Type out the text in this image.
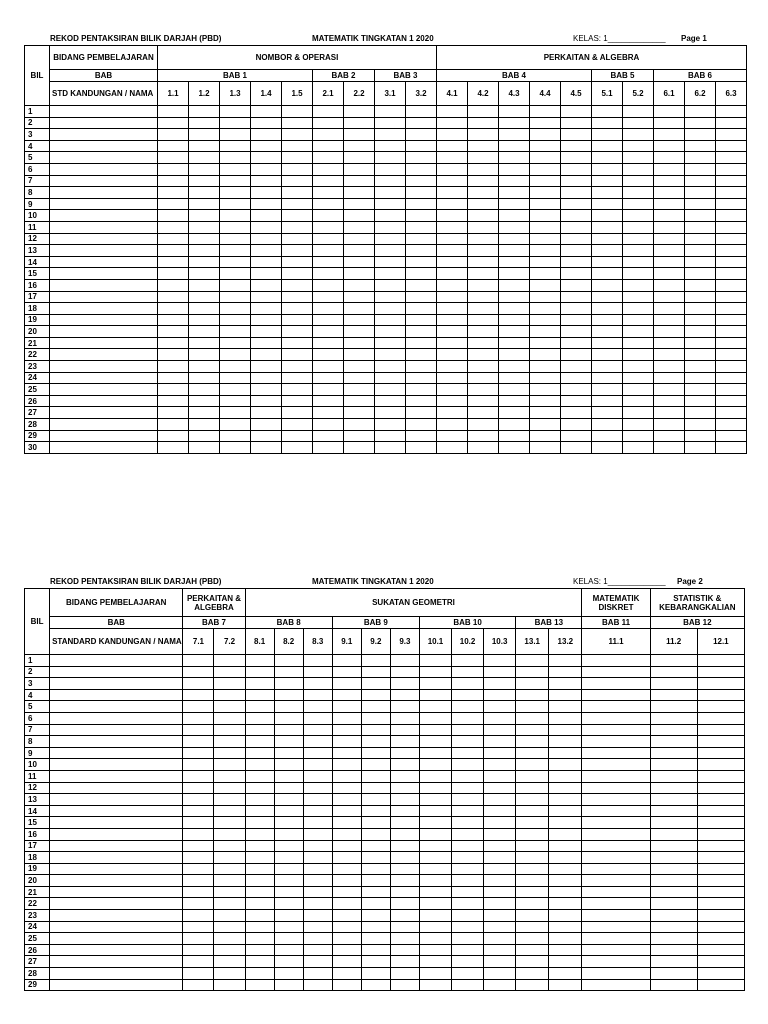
REKOD PENTAKSIRAN BILIK DARJAH (PBD)	MATEMATIK TINGKATAN 1 2020	KELAS: 1_____________ Page 1
BIL	BIDANG PEMBELAJARAN	NOMBOR & OPERASI									PERKAITAN & ALGEBRA									
	BAB	BAB 1					BAB 2		BAB 3		BAB 4					BAB 5		BAB 6		
	STD KANDUNGAN / NAMA	1.1	1.2	1.3	1.4	1.5	2.1	2.2	3.1	3.2	4.1	4.2	4.3	4.4	4.5	5.1	5.2	6.1	6.2	6.3
1																				
2																				
3																				
4																				
5																				
6																				
7																				
8																				
9																				
10																				
11																				
12																				
13																				
14																				
15																				
16																				
17																				
18																				
19																				
20																				
21																				
22																				
23																				
24																				
25																				
26																				
27																				
28																				
29																				
30																				
REKOD PENTAKSIRAN BILIK DARJAH (PBD)	MATEMATIK TINGKATAN 1 2020	KELAS: 1_____________ Page 2
BIL	BIDANG PEMBELAJARAN	PERKAITAN & ALGEBRA		SUKATAN GEOMETRI											MATEMATIK DISKRET	STATISTIK & KEBARANGKALIAN	
	BAB	BAB 7		BAB 8			BAB 9			BAB 10			BAB 13		BAB 11	BAB 12	
	STANDARD KANDUNGAN / NAMA	7.1	7.2	8.1	8.2	8.3	9.1	9.2	9.3	10.1	10.2	10.3	13.1	13.2	11.1	11.2	12.1
1																	
2																	
3																	
4																	
5																	
6																	
7																	
8																	
9																	
10																	
11																	
12																	
13																	
14																	
15																	
16																	
17																	
18																	
19																	
20																	
21																	
22																	
23																	
24																	
25																	
26																	
27																	
28																	
29																	
